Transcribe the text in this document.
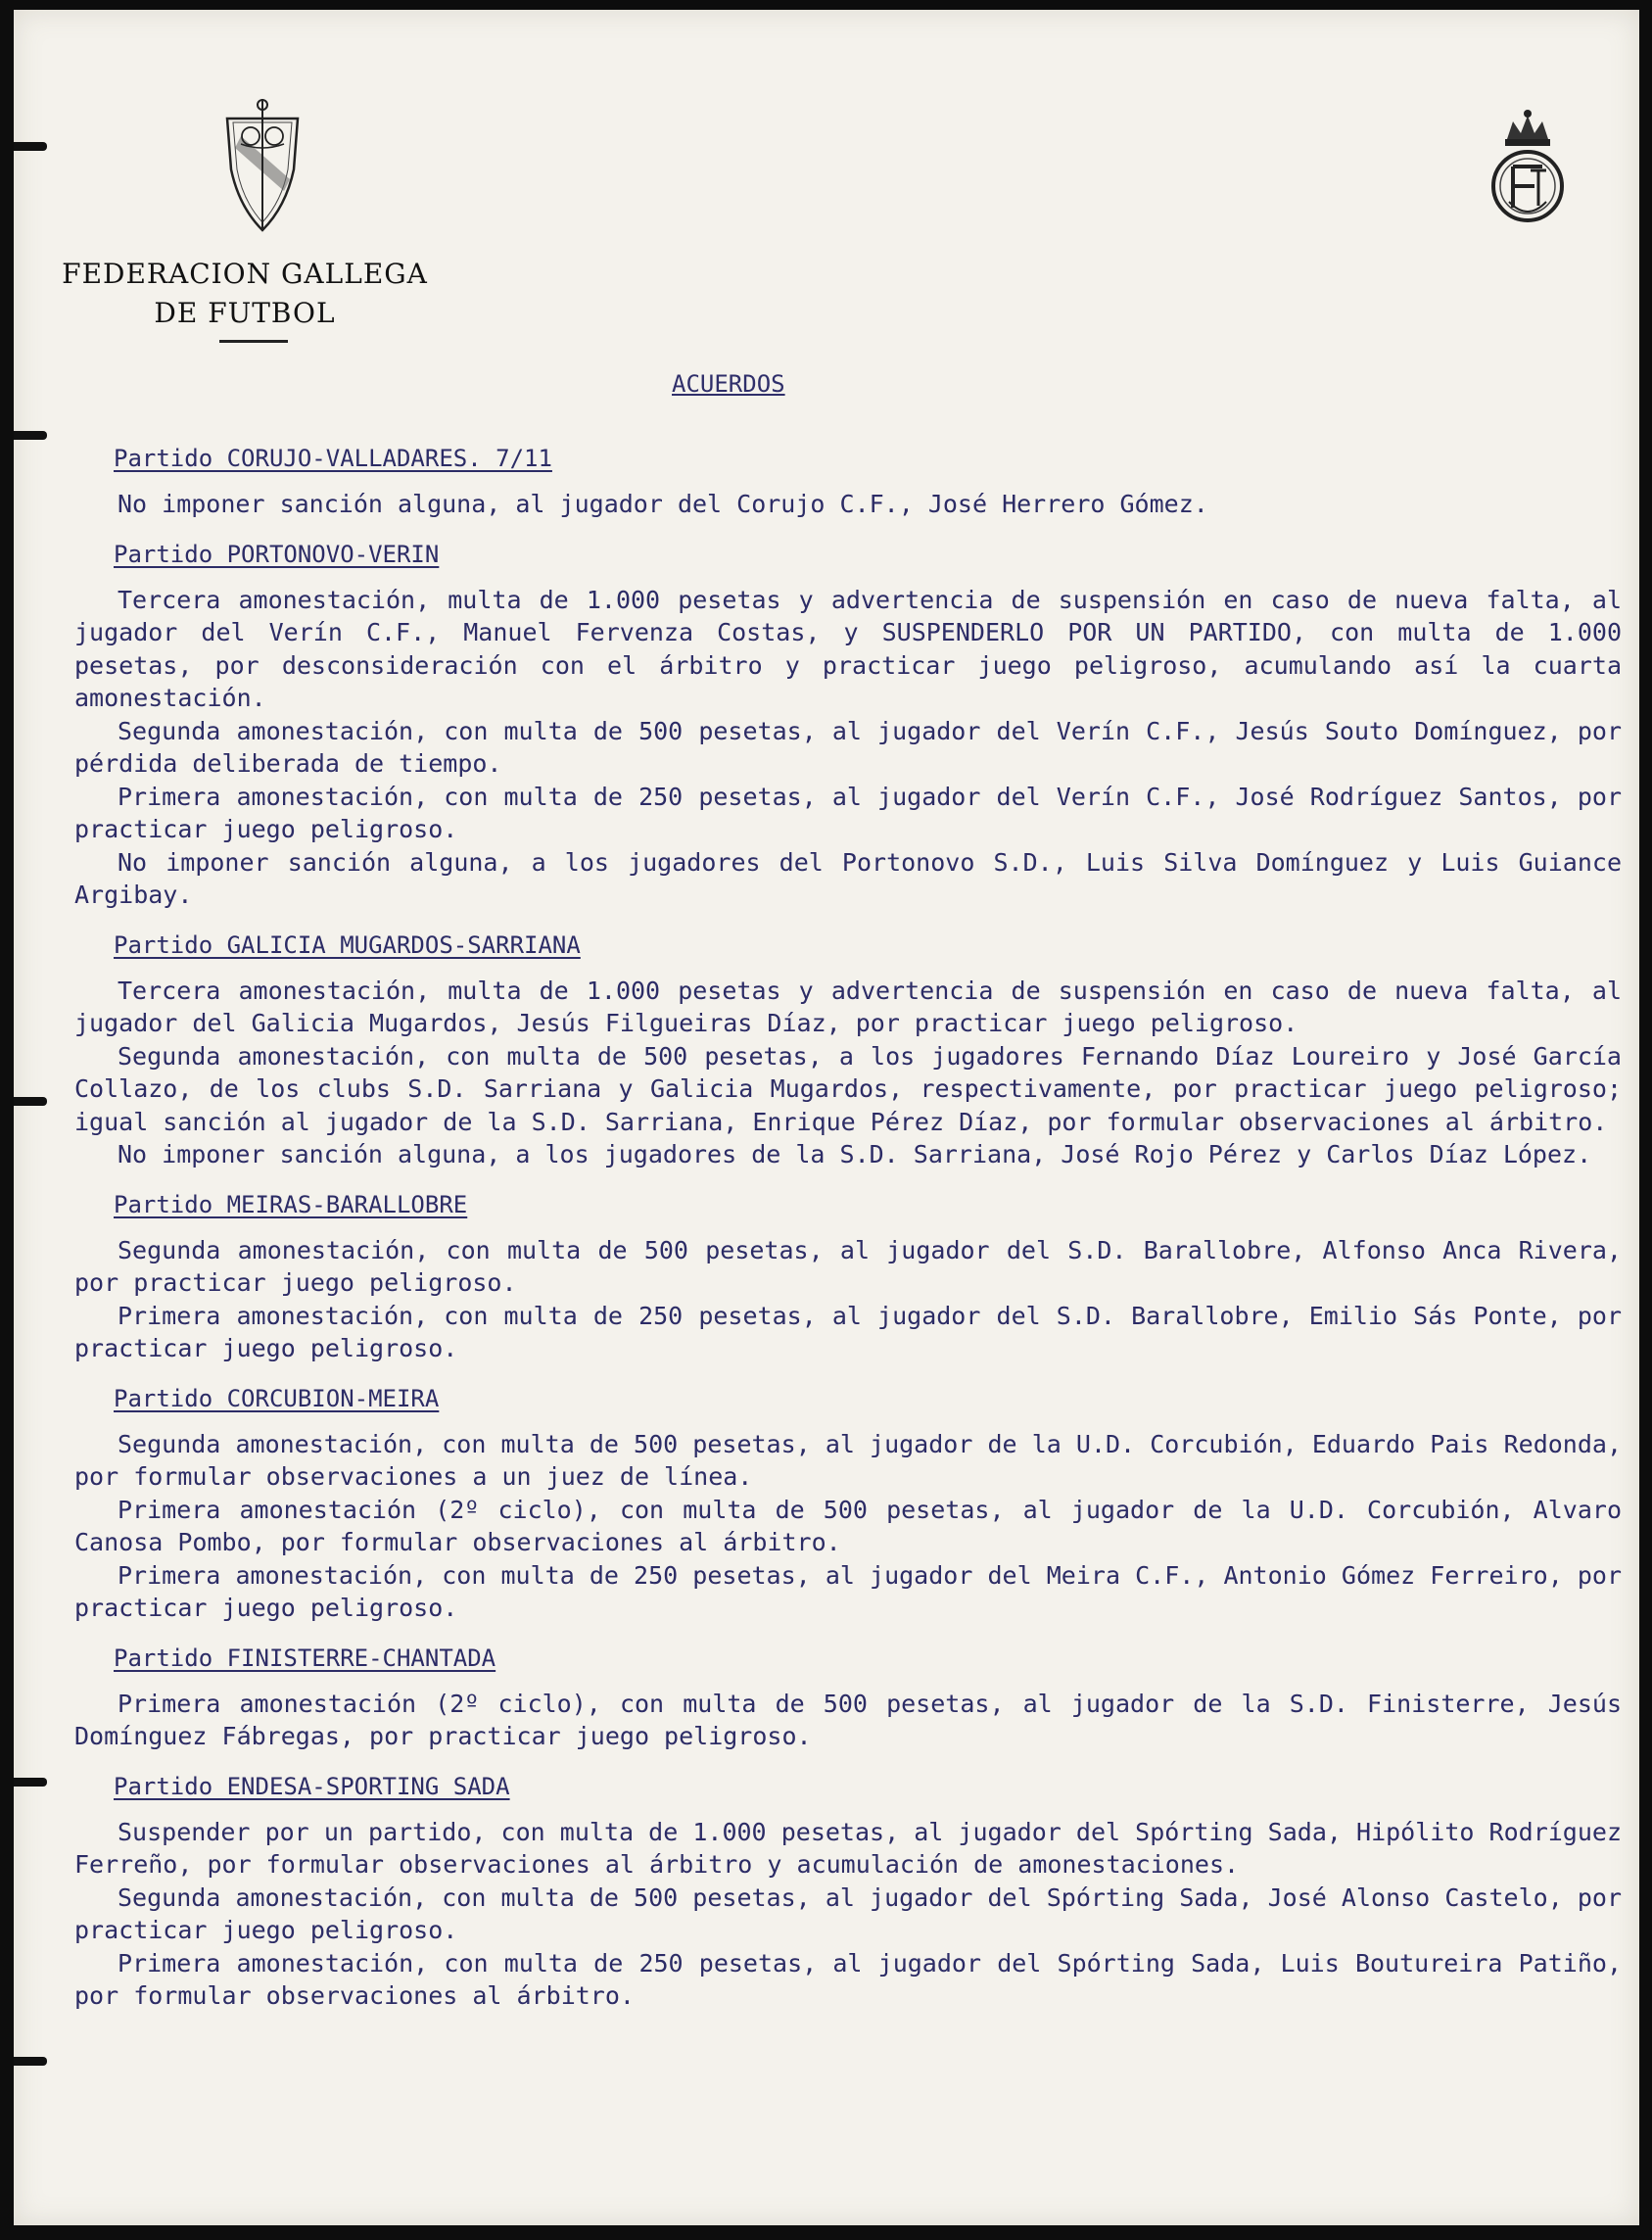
FEDERACION GALLEGA
DE FUTBOL
ACUERDOS
Partido CORUJO-VALLADARES. 7/11

No imponer sanción alguna, al jugador del Corujo C.F., José Herrero Gómez.

Partido PORTONOVO-VERIN

Tercera amonestación, multa de 1.000 pesetas y advertencia de suspensión en caso de nueva falta, al jugador del Verín C.F., Manuel Fervenza Costas, y SUSPENDERLO POR UN PARTIDO, con multa de 1.000 pesetas, por desconsideración con el árbitro y practicar juego peligroso, acumulando así la cuarta amonestación.

Segunda amonestación, con multa de 500 pesetas, al jugador del Verín C.F., Jesús Souto Domínguez, por pérdida deliberada de tiempo.

Primera amonestación, con multa de 250 pesetas, al jugador del Verín C.F., José Rodríguez Santos, por practicar juego peligroso.

No imponer sanción alguna, a los jugadores del Portonovo S.D., Luis Silva Domínguez y Luis Guiance Argibay.

Partido GALICIA MUGARDOS-SARRIANA

Tercera amonestación, multa de 1.000 pesetas y advertencia de suspensión en caso de nueva falta, al jugador del Galicia Mugardos, Jesús Filgueiras Díaz, por practicar juego peligroso.

Segunda amonestación, con multa de 500 pesetas, a los jugadores Fernando Díaz Loureiro y José García Collazo, de los clubs S.D. Sarriana y Galicia Mugardos, respectivamente, por practicar juego peligroso; igual sanción al jugador de la S.D. Sarriana, Enrique Pérez Díaz, por formular observaciones al árbitro.

No imponer sanción alguna, a los jugadores de la S.D. Sarriana, José Rojo Pérez y Carlos Díaz López.

Partido MEIRAS-BARALLOBRE

Segunda amonestación, con multa de 500 pesetas, al jugador del S.D. Barallobre, Alfonso Anca Rivera, por practicar juego peligroso.

Primera amonestación, con multa de 250 pesetas, al jugador del S.D. Barallobre, Emilio Sás Ponte, por practicar juego peligroso.

Partido CORCUBION-MEIRA

Segunda amonestación, con multa de 500 pesetas, al jugador de la U.D. Corcubión, Eduardo Pais Redonda, por formular observaciones a un juez de línea.

Primera amonestación (2º ciclo), con multa de 500 pesetas, al jugador de la U.D. Corcubión, Alvaro Canosa Pombo, por formular observaciones al árbitro.

Primera amonestación, con multa de 250 pesetas, al jugador del Meira C.F., Antonio Gómez Ferreiro, por practicar juego peligroso.

Partido FINISTERRE-CHANTADA

Primera amonestación (2º ciclo), con multa de 500 pesetas, al jugador de la S.D. Finisterre, Jesús Domínguez Fábregas, por practicar juego peligroso.

Partido ENDESA-SPORTING SADA

Suspender por un partido, con multa de 1.000 pesetas, al jugador del Spórting Sada, Hipólito Rodríguez Ferreño, por formular observaciones al árbitro y acumulación de amonestaciones.

Segunda amonestación, con multa de 500 pesetas, al jugador del Spórting Sada, José Alonso Castelo, por practicar juego peligroso.

Primera amonestación, con multa de 250 pesetas, al jugador del Spórting Sada, Luis Boutureira Patiño, por formular observaciones al árbitro.
